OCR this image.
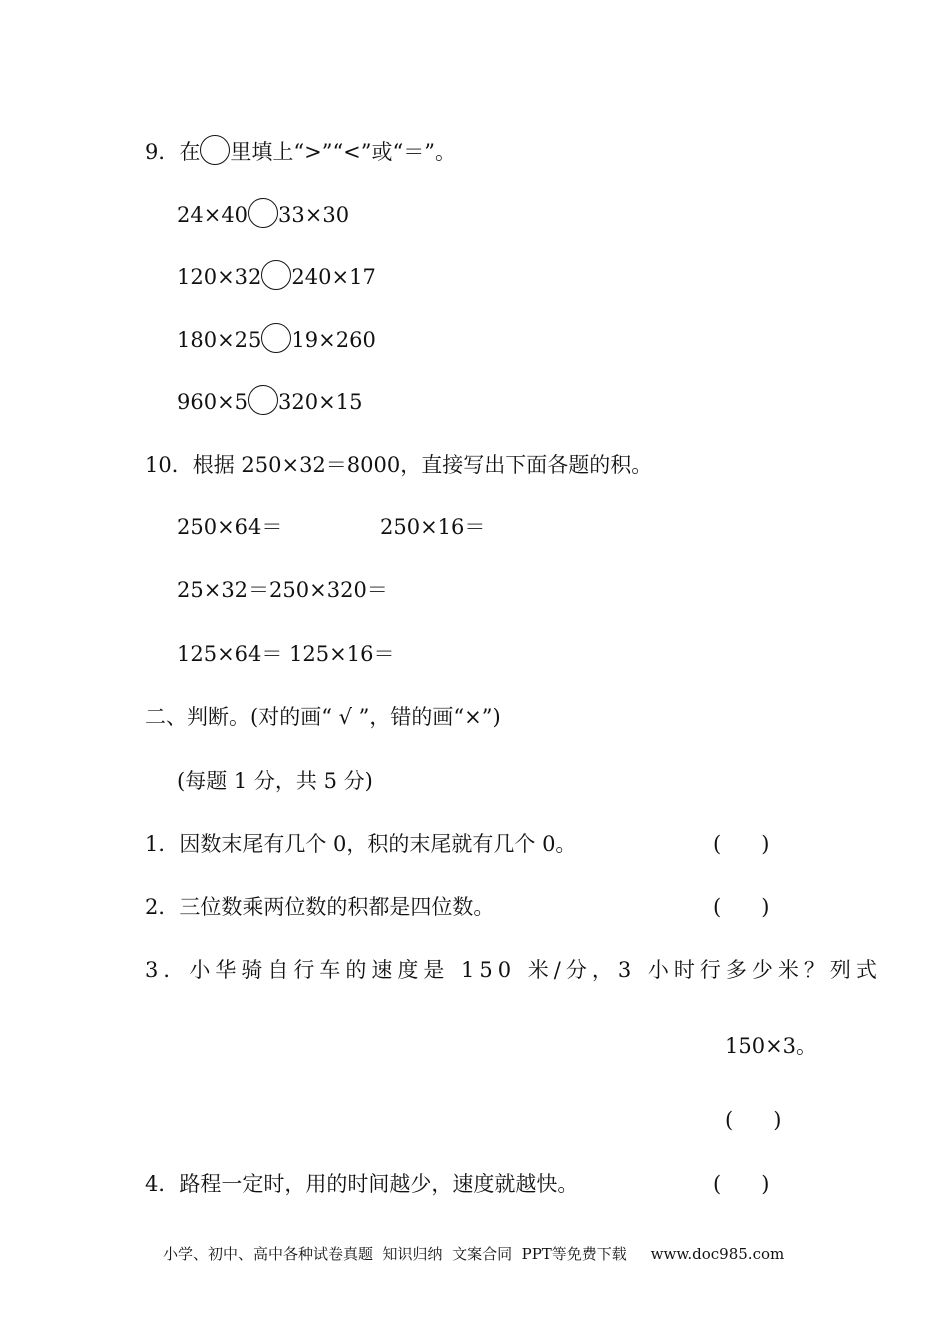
9．在 里填上“>”“<”或“＝”。
24×40 33×30
120×32 240×17
180×25 19×260
960×5 320×15
10．根据 250×32＝8000，直接写出下面各题的积。
250×64＝	250×16＝
25×32＝250×320＝
125×64＝ 125×16＝
二、判断。(对的画“ √ ”，错的画“×”)
(每题 1 分，共 5 分)
1．因数末尾有几个 0，积的末尾就有几个 0。	(      )
2．三位数乘两位数的积都是四位数。	(      )
3．小华骑自行车的速度是 150 米/分，3 小时行多少米？列式
150×3。
(      )
4．路程一定时，用的时间越少，速度就越快。	(      )
小学、初中、高中各种试卷真题  知识归纳  文案合同  PPT等免费下载     www.doc985.com
